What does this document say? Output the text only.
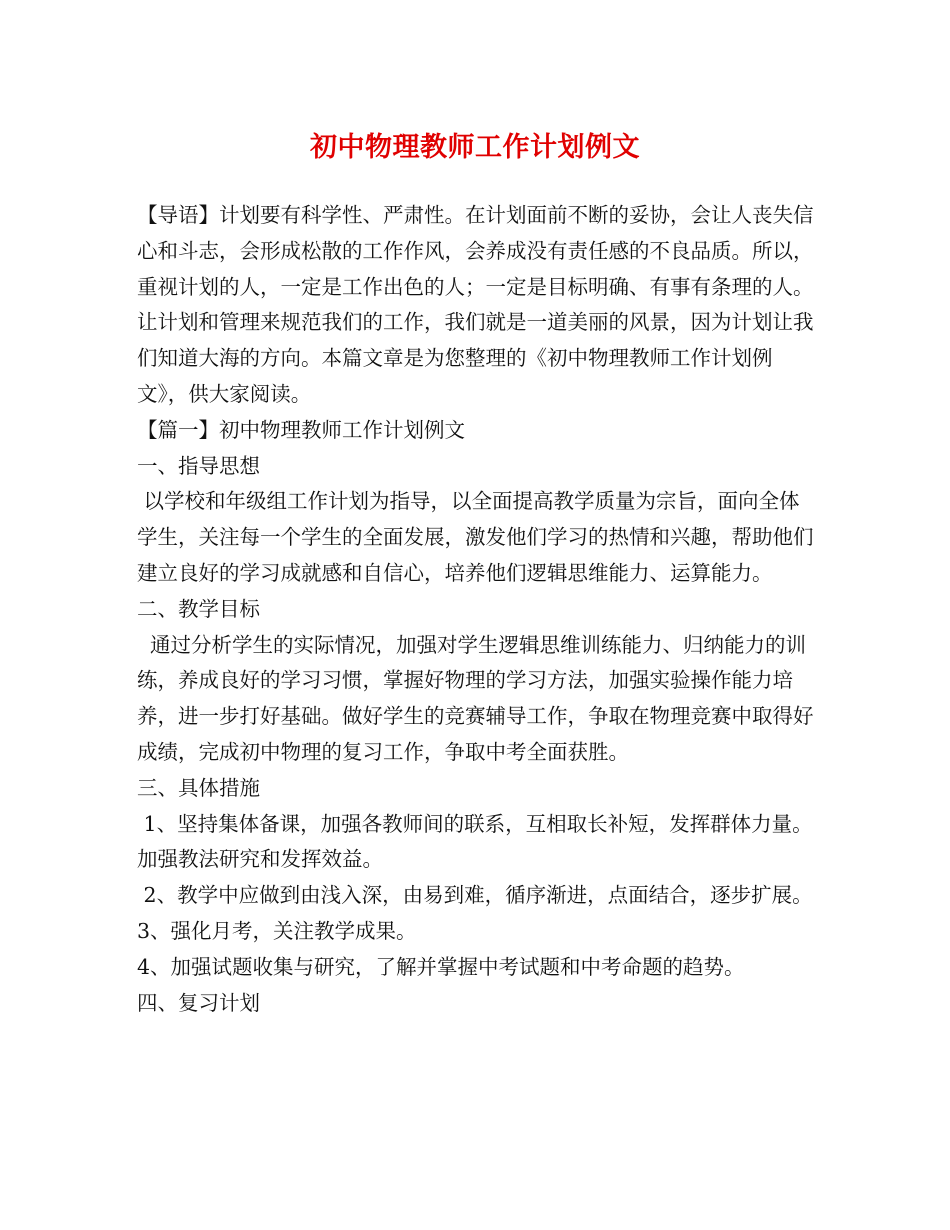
初中物理教师工作计划例文

【导语】计划要有科学性、严肃性。在计划面前不断的妥协，会让人丧失信心和斗志，会形成松散的工作作风，会养成没有责任感的不良品质。所以，重视计划的人，一定是工作出色的人；一定是目标明确、有事有条理的人。让计划和管理来规范我们的工作，我们就是一道美丽的风景，因为计划让我们知道大海的方向。本篇文章是为您整理的《初中物理教师工作计划例文》，供大家阅读。

【篇一】初中物理教师工作计划例文

一、指导思想

以学校和年级组工作计划为指导，以全面提高教学质量为宗旨，面向全体学生，关注每一个学生的全面发展，激发他们学习的热情和兴趣，帮助他们建立良好的学习成就感和自信心，培养他们逻辑思维能力、运算能力。

二、教学目标

通过分析学生的实际情况，加强对学生逻辑思维训练能力、归纳能力的训练，养成良好的学习习惯，掌握好物理的学习方法，加强实验操作能力培养，进一步打好基础。做好学生的竞赛辅导工作，争取在物理竞赛中取得好成绩，完成初中物理的复习工作，争取中考全面获胜。

三、具体措施

1、坚持集体备课，加强各教师间的联系，互相取长补短，发挥群体力量。加强教法研究和发挥效益。

2、教学中应做到由浅入深，由易到难，循序渐进，点面结合，逐步扩展。

3、强化月考，关注教学成果。

4、加强试题收集与研究，了解并掌握中考试题和中考命题的趋势。

四、复习计划
